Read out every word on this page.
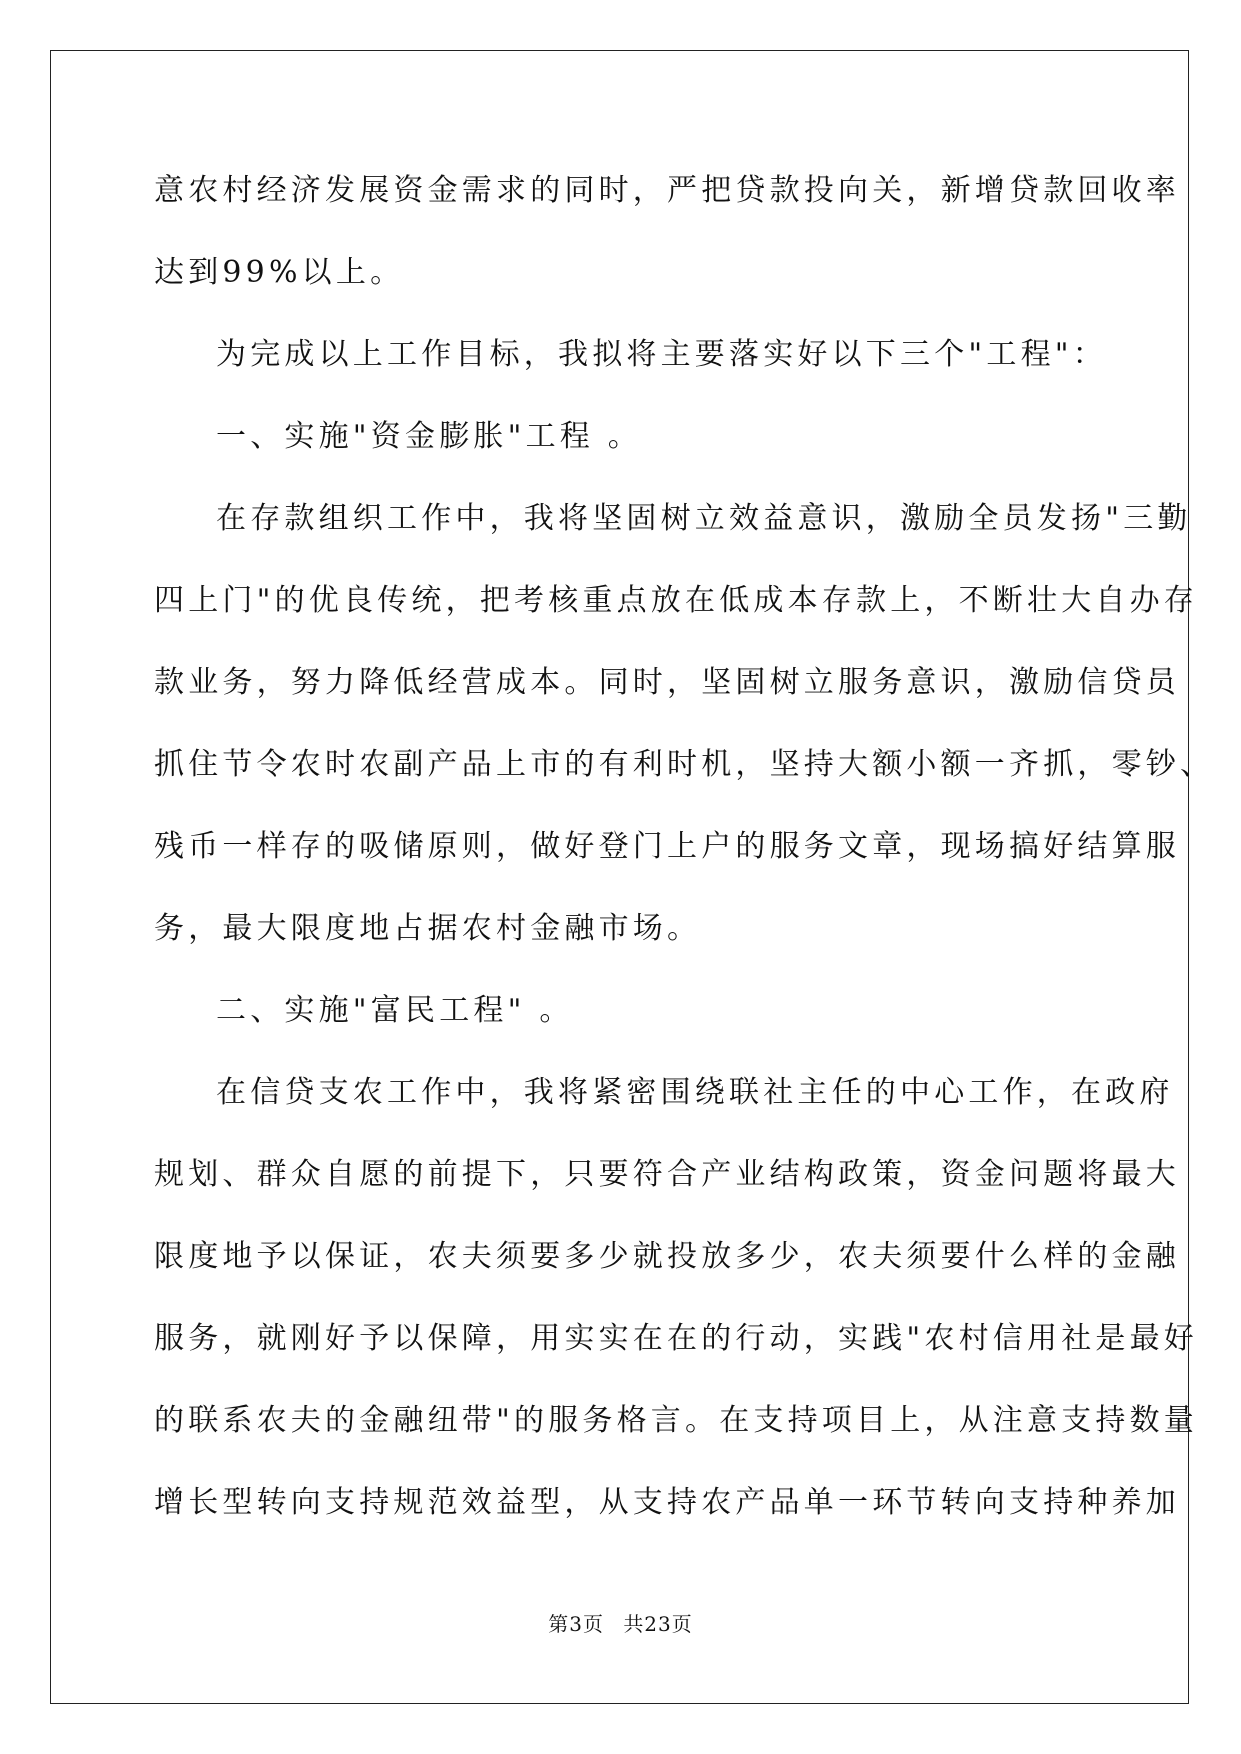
意农村经济发展资金需求的同时，严把贷款投向关，新增贷款回收率
达到99%以上。
为完成以上工作目标，我拟将主要落实好以下三个"工程"：
一、实施"资金膨胀"工程 。
在存款组织工作中，我将坚固树立效益意识，激励全员发扬"三勤
四上门"的优良传统，把考核重点放在低成本存款上，不断壮大自办存
款业务，努力降低经营成本。同时，坚固树立服务意识，激励信贷员
抓住节令农时农副产品上市的有利时机，坚持大额小额一齐抓，零钞、
残币一样存的吸储原则，做好登门上户的服务文章，现场搞好结算服
务，最大限度地占据农村金融市场。
二、实施"富民工程" 。
在信贷支农工作中，我将紧密围绕联社主任的中心工作，在政府
规划、群众自愿的前提下，只要符合产业结构政策，资金问题将最大
限度地予以保证，农夫须要多少就投放多少，农夫须要什么样的金融
服务，就刚好予以保障，用实实在在的行动，实践"农村信用社是最好
的联系农夫的金融纽带"的服务格言。在支持项目上，从注意支持数量
增长型转向支持规范效益型，从支持农产品单一环节转向支持种养加
第3页 共23页
